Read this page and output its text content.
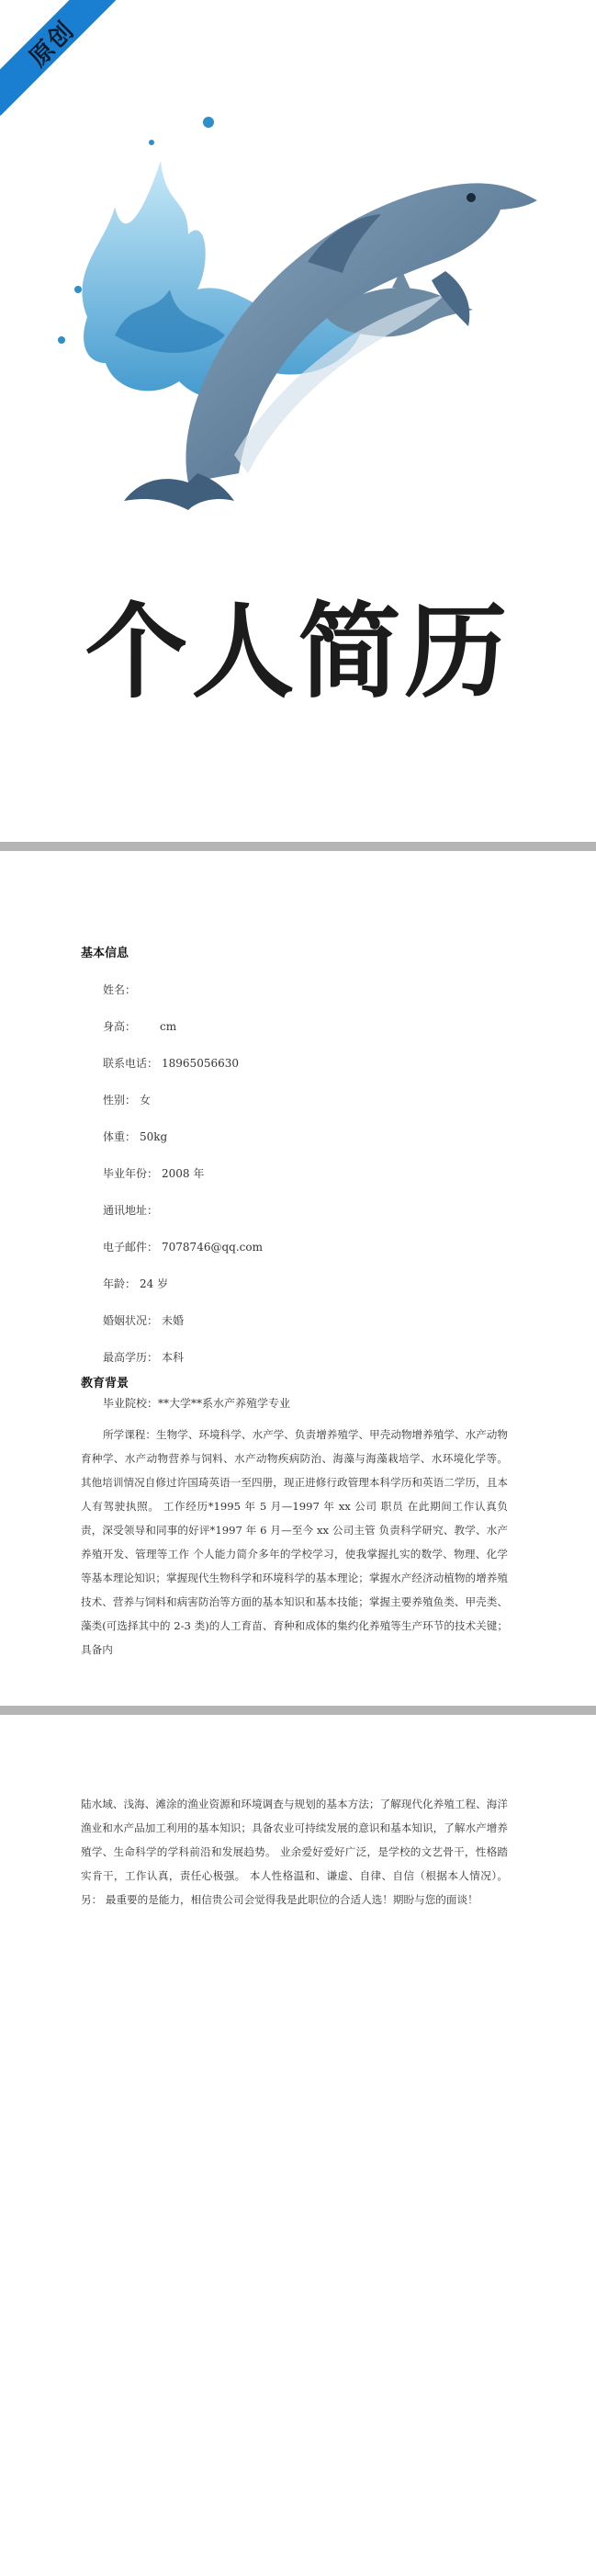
原创
个人简历
基本信息
姓名：
身高： cm
联系电话： 18965056630
性别： 女
体重： 50kg
毕业年份： 2008 年
通讯地址：
电子邮件： 7078746@qq.com
年龄： 24 岁
婚姻状况： 未婚
最高学历： 本科
教育背景
毕业院校：**大学**系水产养殖学专业
所学课程：生物学、环境科学、水产学、负责增养殖学、甲壳动物增养殖学、水产动物育种学、水产动物营养与饲料、水产动物疾病防治、海藻与海藻栽培学、水环境化学等。 其他培训情况自修过许国琦英语一至四册，现正进修行政管理本科学历和英语二学历，且本人有驾驶执照。 工作经历*1995 年 5 月—1997 年 xx 公司 职员 在此期间工作认真负责，深受领导和同事的好评*1997 年 6 月—至今 xx 公司主管 负责科学研究、教学、水产养殖开发、管理等工作 个人能力简介多年的学校学习，使我掌握扎实的数学、物理、化学等基本理论知识；掌握现代生物科学和环境科学的基本理论；掌握水产经济动植物的增养殖技术、营养与饲料和病害防治等方面的基本知识和基本技能；掌握主要养殖鱼类、甲壳类、藻类(可选择其中的 2-3 类)的人工育苗、育种和成体的集约化养殖等生产环节的技术关键；具备内
陆水域、浅海、滩涂的渔业资源和环境调查与规划的基本方法；了解现代化养殖工程、海洋渔业和水产品加工利用的基本知识；具备农业可持续发展的意识和基本知识，了解水产增养殖学、生命科学的学科前沿和发展趋势。 业余爱好爱好广泛，是学校的文艺骨干，性格踏实肯干，工作认真，责任心极强。 本人性格温和、谦虚、自律、自信（根据本人情况）。另： 最重要的是能力，相信贵公司会觉得我是此职位的合适人选！期盼与您的面谈！
